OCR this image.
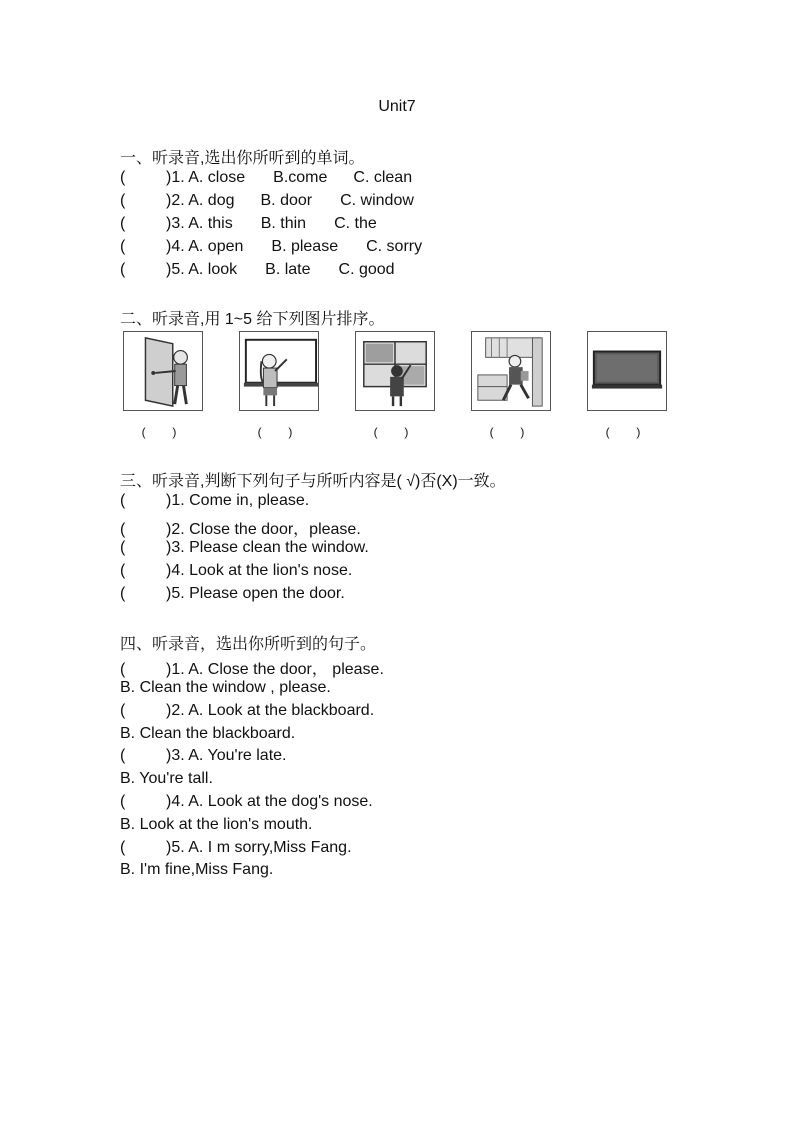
Unit7
一、听录音,选出你所听到的单词。
(	)1. A. close B.come C. clean
(	)2. A. dog B. door C. window
(	)3. A. this B. thin C. the
(	)4. A. open B. please C. sorry
(	)5. A. look B. late C. good
二、听录音,用 1~5 给下列图片排序。
(        )	(        )	(        )	(        )	(        )
三、听录音,判断下列句子与所听内容是( √)否(X)一致。
(	)1. Come in, please.
(	)2. Close the door，please.
(	)3. Please clean the window.
(	)4. Look at the lion's nose.
(	)5. Please open the door.
四、听录音，选出你所听到的句子。
(	)1. A. Close the door， please.
B. Clean the window , please.
(	)2. A. Look at the blackboard.
B. Clean the blackboard.
(	)3. A. You're late.
B. You're tall.
(	)4. A. Look at the dog's nose.
B. Look at the lion's mouth.
(	)5. A. I m sorry,Miss Fang.
B. I'm fine,Miss Fang.
